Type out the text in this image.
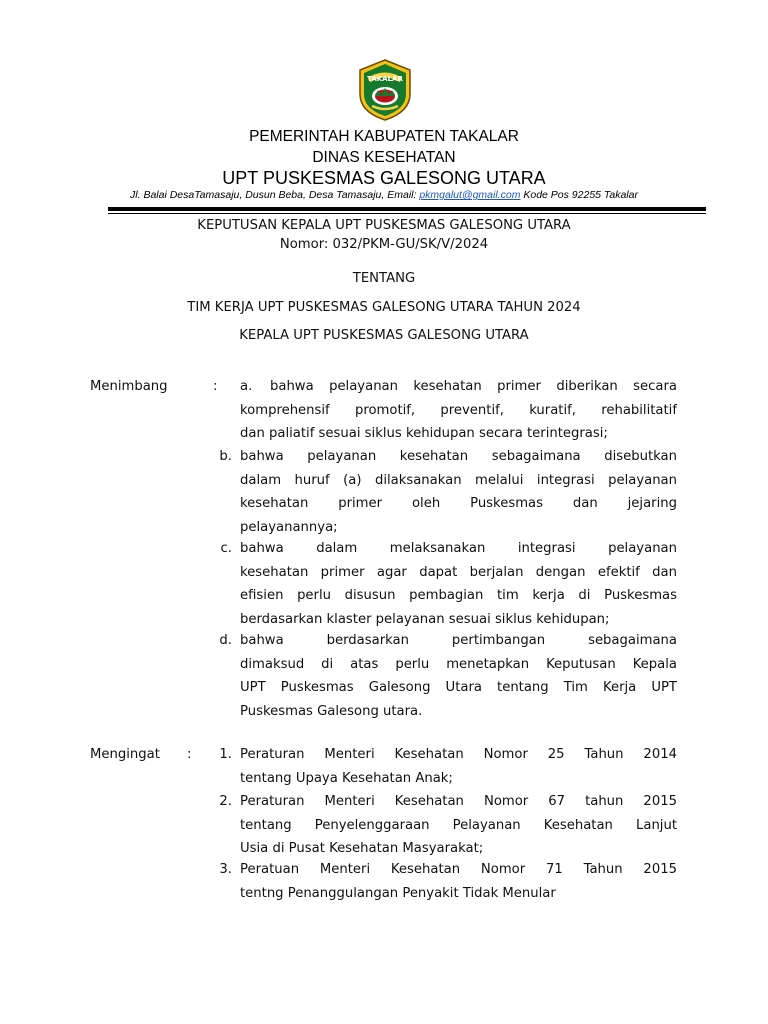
TAKALAR
PEMERINTAH KABUPATEN TAKALAR
DINAS KESEHATAN
UPT PUSKESMAS GALESONG UTARA
Jl. Balai DesaTamasaju, Dusun Beba, Desa Tamasaju, Email: pkmgalut@gmail.com Kode Pos 92255 Takalar
KEPUTUSAN KEPALA UPT PUSKESMAS GALESONG UTARA
Nomor: 032/PKM-GU/SK/V/2024
TENTANG
TIM KERJA UPT PUSKESMAS GALESONG UTARA TAHUN 2024
KEPALA UPT PUSKESMAS GALESONG UTARA
Menimbang	: a.	bahwa pelayanan kesehatan primer diberikan secara
komprehensif promotif, preventif, kuratif, rehabilitatif
dan paliatif sesuai siklus kehidupan secara terintegrasi;
b. bahwa pelayanan kesehatan sebagaimana disebutkan
dalam huruf (a) dilaksanakan melalui integrasi pelayanan
kesehatan primer oleh Puskesmas dan jejaring
pelayanannya;
c. bahwa dalam melaksanakan integrasi pelayanan
kesehatan primer agar dapat berjalan dengan efektif dan
efisien perlu disusun pembagian tim kerja di Puskesmas
berdasarkan klaster pelayanan sesuai siklus kehidupan;
d. bahwa berdasarkan pertimbangan sebagaimana
dimaksud di atas perlu menetapkan Keputusan Kepala
UPT Puskesmas Galesong Utara tentang Tim Kerja UPT
Puskesmas Galesong utara.
Mengingat :	1. Peraturan Menteri Kesehatan Nomor 25 Tahun 2014
tentang Upaya Kesehatan Anak;
2. Peraturan Menteri Kesehatan Nomor 67 tahun 2015
tentang Penyelenggaraan Pelayanan Kesehatan Lanjut
Usia di Pusat Kesehatan Masyarakat;
3. Peratuan Menteri Kesehatan Nomor 71 Tahun 2015
tentng Penanggulangan Penyakit Tidak Menular
